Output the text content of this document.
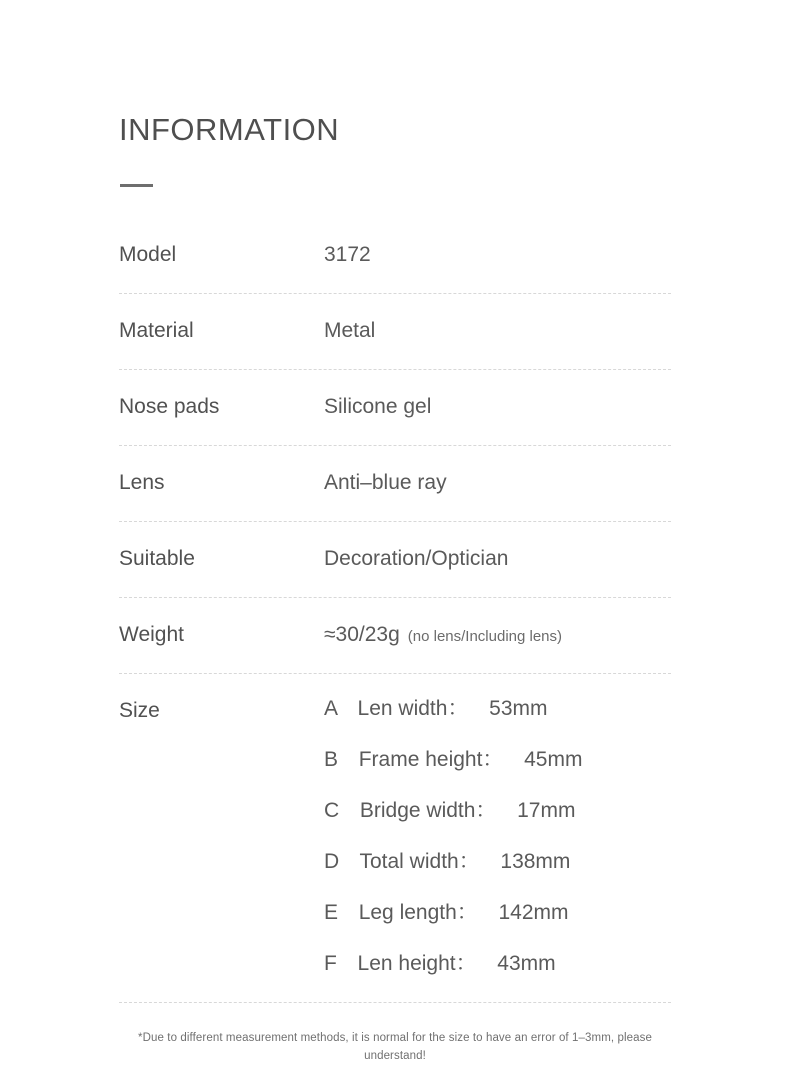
INFORMATION
Model	3172
Material	Metal
Nose pads	Silicone gel
Lens	Anti–blue ray
Suitable	Decoration/Optician
Weight	≈30/23g (no lens/Including lens)
Size	A Len width： 53mm
B Frame height： 45mm
C Bridge width： 17mm
D Total width： 138mm
E Leg length： 142mm
F Len height： 43mm
*Due to different measurement methods, it is normal for the size to have an error of 1–3mm, please understand!
